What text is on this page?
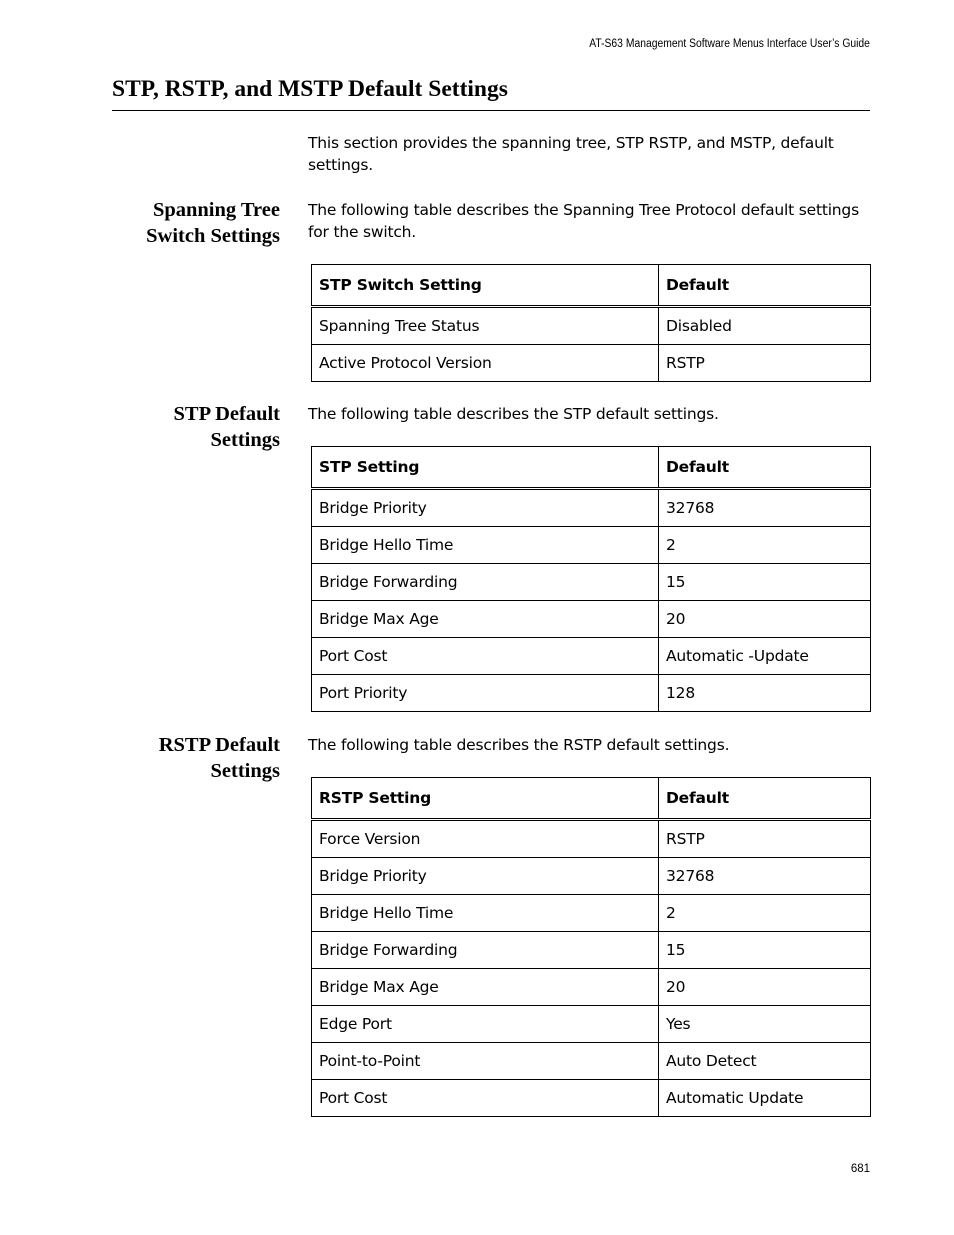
AT-S63 Management Software Menus Interface User’s Guide
STP, RSTP, and MSTP Default Settings

This section provides the spanning tree, STP RSTP, and MSTP, default settings.

Spanning Tree
Switch Settings

The following table describes the Spanning Tree Protocol default settings for the switch.

STP Switch Setting	Default
Spanning Tree Status	Disabled
Active Protocol Version	RSTP
STP Default
Settings

The following table describes the STP default settings.

STP Setting	Default
Bridge Priority	32768
Bridge Hello Time	2
Bridge Forwarding	15
Bridge Max Age	20
Port Cost	Automatic -Update
Port Priority	128
RSTP Default
Settings

The following table describes the RSTP default settings.

RSTP Setting	Default
Force Version	RSTP
Bridge Priority	32768
Bridge Hello Time	2
Bridge Forwarding	15
Bridge Max Age	20
Edge Port	Yes
Point-to-Point	Auto Detect
Port Cost	Automatic Update
681
